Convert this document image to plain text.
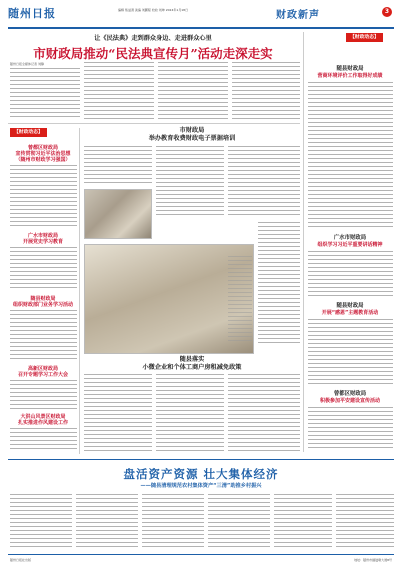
随州日报	编辑 熊溢清 美编 刘鹏程 校检 刘坤 2024年1月18日	财政新声	3
让《民法典》走到群众身边、走进群众心里
市财政局推动“民法典宣传月”活动走深走实
随州日报全媒体记者 刘静
【财政动态】
随县财政局
营商环境评价工作取得好成绩
广水市财政局
组织学习习近平重要讲话精神
随县财政局
开展“感恩”主题教育活动
曾都区财政局
积极参加平安建设宣传活动
【财政动态】
曾都区财政局
宣传贯彻习近平法治思想
（随州市财政学习强国）
广水市财政局
开展党史学习教育
随县财政局
组织财政部门业务学习活动
高新区财政局
召开专题学习工作大会
大洪山风景区财政局
扎实推进作风建设工作
市财政局
举办教育收费财政电子票据培训
随县落实
小微企业和个体工商户房租减免政策
盘活资产资源 壮大集体经济
——随县清理规范农村集体资产“三清”助推乡村振兴
随州日报社出版	地址：随州市擂鼓墩大道8号
